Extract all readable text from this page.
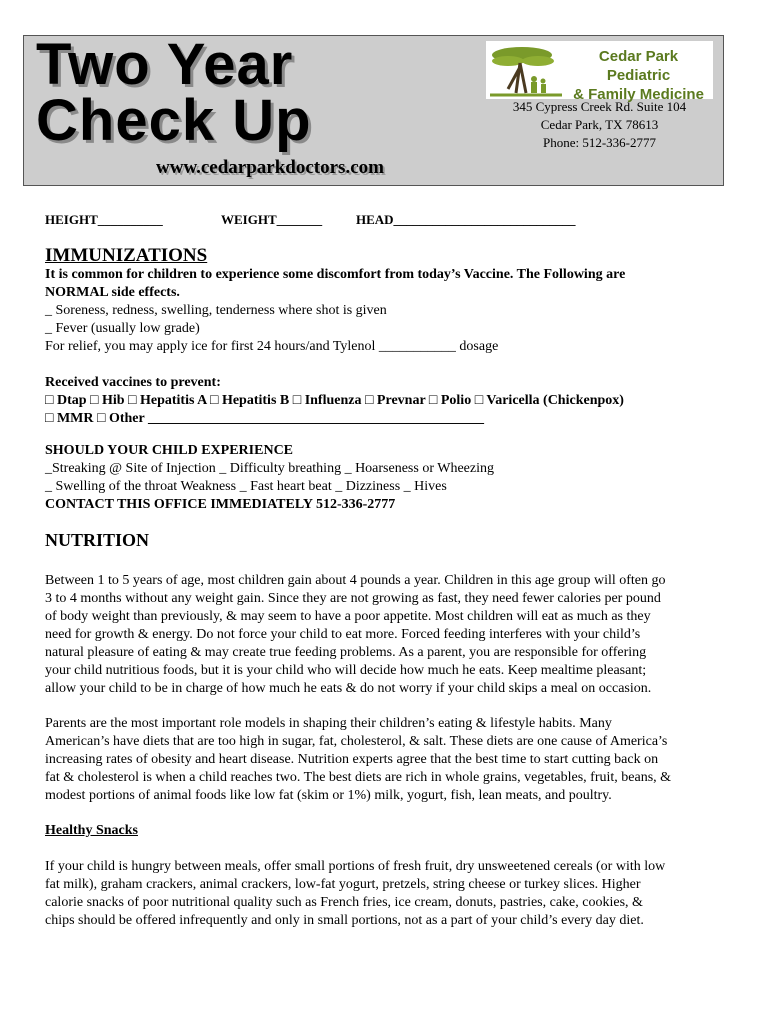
Two Year
Check Up
www.cedarparkdoctors.com
Cedar Park Pediatric
& Family Medicine
345 Cypress Creek Rd. Suite 104
Cedar Park, TX 78613
Phone: 512-336-2777
HEIGHT__________	WEIGHT_______	HEAD____________________________
IMMUNIZATIONS
It is common for children to experience some discomfort from today’s Vaccine. The Following are
NORMAL side effects.
_ Soreness, redness, swelling, tenderness where shot is given
_ Fever (usually low grade)
For relief, you may apply ice for first 24 hours/and Tylenol ___________ dosage
Received vaccines to prevent:
□ Dtap □ Hib □ Hepatitis A □ Hepatitis B □ Influenza □ Prevnar □ Polio □ Varicella (Chickenpox)
□ MMR □ Other ________________________________________________
SHOULD YOUR CHILD EXPERIENCE
_Streaking @ Site of Injection _ Difficulty breathing _ Hoarseness or Wheezing
_ Swelling of the throat Weakness _ Fast heart beat _ Dizziness _ Hives
CONTACT THIS OFFICE IMMEDIATELY 512-336-2777
NUTRITION
Between 1 to 5 years of age, most children gain about 4 pounds a year. Children in this age group will often go
3 to 4 months without any weight gain. Since they are not growing as fast, they need fewer calories per pound
of body weight than previously, & may seem to have a poor appetite. Most children will eat as much as they
need for growth & energy. Do not force your child to eat more. Forced feeding interferes with your child’s
natural pleasure of eating & may create true feeding problems. As a parent, you are responsible for offering
your child nutritious foods, but it is your child who will decide how much he eats. Keep mealtime pleasant;
allow your child to be in charge of how much he eats & do not worry if your child skips a meal on occasion.
Parents are the most important role models in shaping their children’s eating & lifestyle habits. Many
American’s have diets that are too high in sugar, fat, cholesterol, & salt. These diets are one cause of America’s
increasing rates of obesity and heart disease. Nutrition experts agree that the best time to start cutting back on
fat & cholesterol is when a child reaches two. The best diets are rich in whole grains, vegetables, fruit, beans, &
modest portions of animal foods like low fat (skim or 1%) milk, yogurt, fish, lean meats, and poultry.
Healthy Snacks
If your child is hungry between meals, offer small portions of fresh fruit, dry unsweetened cereals (or with low
fat milk), graham crackers, animal crackers, low-fat yogurt, pretzels, string cheese or turkey slices. Higher
calorie snacks of poor nutritional quality such as French fries, ice cream, donuts, pastries, cake, cookies, &
chips should be offered infrequently and only in small portions, not as a part of your child’s every day diet.
